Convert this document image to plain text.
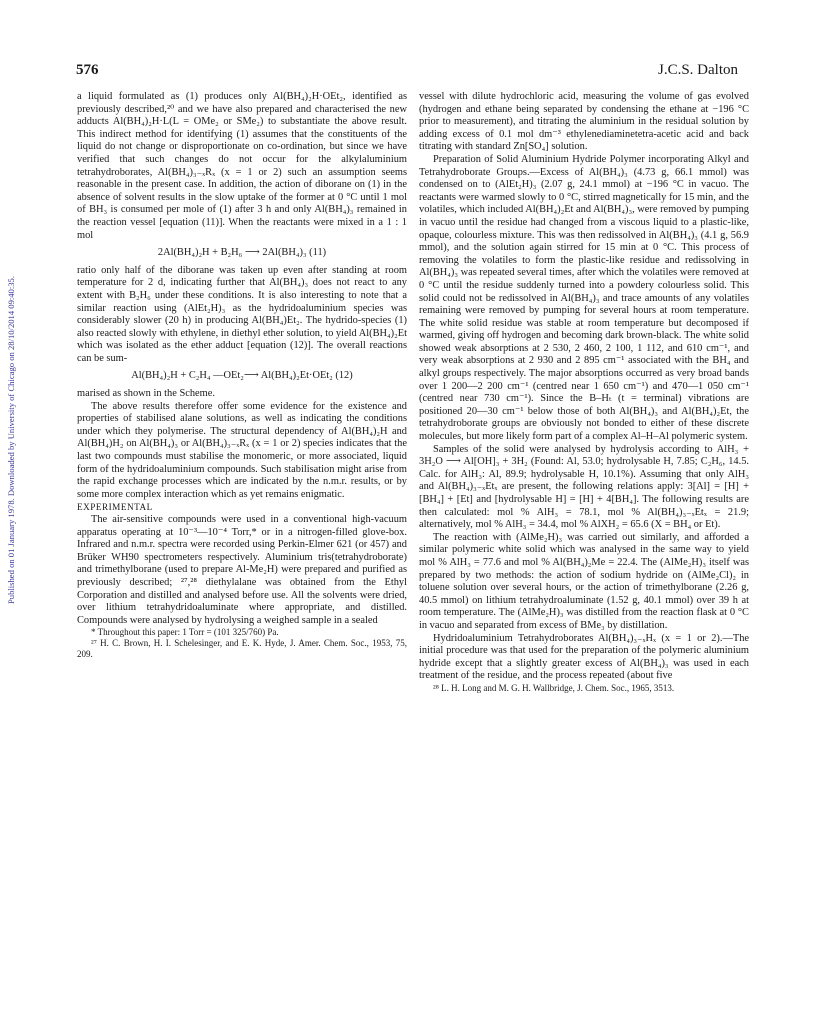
576	J.C.S. Dalton
Published on 01 January 1978. Downloaded by University of Chicago on 28/10/2014 09:40:35.

a liquid formulated as (1) produces only Al(BH₄)₂H·OEt₂, identified as previously described,²⁰ and we have also prepared and characterised the new adducts Al(BH₄)₂H·L(L = OMe₂ or SMe₂) to substantiate the above result. This indirect method for identifying (1) assumes that the constituents of the liquid do not change or disproportionate on co-ordination, but since we have verified that such changes do not occur for the alkylaluminium tetrahydroborates, Al(BH₄)₃₋ₓRₓ (x = 1 or 2) such an assumption seems reasonable in the present case. In addition, the action of diborane on (1) in the absence of solvent results in the slow uptake of the former at 0 °C until 1 mol of BH₃ is consumed per mole of (1) after 3 h and only Al(BH₄)₃ remained in the reaction vessel [equation (11)]. When the reactants were mixed in a 1 : 1 mol

2Al(BH₄)₂H + B₂H₆ ⟶ 2Al(BH₄)₃ (11)

ratio only half of the diborane was taken up even after standing at room temperature for 2 d, indicating further that Al(BH₄)₃ does not react to any extent with B₂H₆ under these conditions. It is also interesting to note that a similar reaction using (AlEt₂H)₃ as the hydridoaluminium species was considerably slower (20 h) in producing Al(BH₄)Et₂. The hydrido-species (1) also reacted slowly with ethylene, in diethyl ether solution, to yield Al(BH₄)₂Et which was isolated as the ether adduct [equation (12)]. The overall reactions can be sum-

Al(BH₄)₂H + C₂H₄ —OEt₂⟶ Al(BH₄)₂Et·OEt₂ (12)

marised as shown in the Scheme.

The above results therefore offer some evidence for the existence and properties of stabilised alane solutions, as well as indicating the conditions under which they polymerise. The structural dependency of Al(BH₄)₂H and Al(BH₄)H₂ on Al(BH₄)₃ or Al(BH₄)₃₋ₓRₓ (x = 1 or 2) species indicates that the last two compounds must stabilise the monomeric, or more associated, liquid form of the hydridoaluminium compounds. Such stabilisation might arise from the rapid exchange processes which are indicated by the n.m.r. results, or by some more complex interaction which as yet remains enigmatic.

EXPERIMENTAL

The air-sensitive compounds were used in a conventional high-vacuum apparatus operating at 10⁻³—10⁻⁴ Torr,* or in a nitrogen-filled glove-box. Infrared and n.m.r. spectra were recorded using Perkin-Elmer 621 (or 457) and Brüker WH90 spectrometers respectively. Aluminium tris(tetrahydroborate) and trimethylborane (used to prepare Al-Me₂H) were prepared and purified as previously described; ²⁷,²⁸ diethylalane was obtained from the Ethyl Corporation and distilled and analysed before use. All the solvents were dried, over lithium tetrahydridoaluminate where appropriate, and distilled. Compounds were analysed by hydrolysing a weighed sample in a sealed

* Throughout this paper: 1 Torr = (101 325/760) Pa.

²⁷ H. C. Brown, H. I. Schelesinger, and E. K. Hyde, J. Amer. Chem. Soc., 1953, 75, 209.

vessel with dilute hydrochloric acid, measuring the volume of gas evolved (hydrogen and ethane being separated by condensing the ethane at −196 °C prior to measurement), and titrating the aluminium in the residual solution by adding excess of 0.1 mol dm⁻³ ethylenediaminetetra-acetic acid and back titrating with standard Zn[SO₄] solution.

Preparation of Solid Aluminium Hydride Polymer incorporating Alkyl and Tetrahydroborate Groups.—Excess of Al(BH₄)₃ (4.73 g, 66.1 mmol) was condensed on to (AlEt₂H)₃ (2.07 g, 24.1 mmol) at −196 °C in vacuo. The reactants were warmed slowly to 0 °C, stirred magnetically for 15 min, and the volatiles, which included Al(BH₄)₂Et and Al(BH₄)₃, were removed by pumping in vacuo until the residue had changed from a viscous liquid to a plastic-like, opaque, colourless mixture. This was then redissolved in Al(BH₄)₃ (4.1 g, 56.9 mmol), and the solution again stirred for 15 min at 0 °C. This process of removing the volatiles to form the plastic-like residue and redissolving in Al(BH₄)₃ was repeated several times, after which the volatiles were removed at 0 °C until the residue suddenly turned into a powdery colourless solid. This solid could not be redissolved in Al(BH₄)₃ and trace amounts of any volatiles remaining were removed by pumping for several hours at room temperature. The white solid residue was stable at room temperature but decomposed if warmed, giving off hydrogen and becoming dark brown-black. The white solid showed weak absorptions at 2 530, 2 460, 2 100, 1 112, and 610 cm⁻¹, and very weak absorptions at 2 930 and 2 895 cm⁻¹ associated with the BH₄ and alkyl groups respectively. The major absorptions occurred as very broad bands over 1 200—2 200 cm⁻¹ (centred near 1 650 cm⁻¹) and 470—1 050 cm⁻¹ (centred near 730 cm⁻¹). Since the B–Hₜ (t = terminal) vibrations are positioned 20—30 cm⁻¹ below those of both Al(BH₄)₃ and Al(BH₄)₂Et, the tetrahydroborate groups are obviously not bonded to either of these discrete molecules, but more likely form part of a complex Al–H–Al polymeric system.

Samples of the solid were analysed by hydrolysis according to AlH₃ + 3H₂O ⟶ Al[OH]₃ + 3H₂ (Found: Al, 53.0; hydrolysable H, 7.85; C₂H₆, 14.5. Calc. for AlH₃: Al, 89.9; hydrolysable H, 10.1%). Assuming that only AlH₃ and Al(BH₄)₃₋ₓEtₓ are present, the following relations apply: 3[Al] = [H] + [BH₄] + [Et] and [hydrolysable H] = [H] + 4[BH₄]. The following results are then calculated: mol % AlH₃ = 78.1, mol % Al(BH₄)₃₋ₓEtₓ = 21.9; alternatively, mol % AlH₃ = 34.4, mol % AlXH₂ = 65.6 (X = BH₄ or Et).

The reaction with (AlMe₂H)₃ was carried out similarly, and afforded a similar polymeric white solid which was analysed in the same way to yield mol % AlH₃ = 77.6 and mol % Al(BH₄)₂Me = 22.4. The (AlMe₂H)₃ itself was prepared by two methods: the action of sodium hydride on (AlMe₂Cl)₂ in toluene solution over several hours, or the action of trimethylborane (2.26 g, 40.5 mmol) on lithium tetrahydroaluminate (1.52 g, 40.1 mmol) over 39 h at room temperature. The (AlMe₂H)₃ was distilled from the reaction flask at 0 °C in vacuo and separated from excess of BMe₃ by distillation.

Hydridoaluminium Tetrahydroborates Al(BH₄)₃₋ₓHₓ (x = 1 or 2).—The initial procedure was that used for the preparation of the polymeric aluminium hydride except that a slightly greater excess of Al(BH₄)₃ was used in each treatment of the residue, and the process repeated (about five

²⁸ L. H. Long and M. G. H. Wallbridge, J. Chem. Soc., 1965, 3513.
